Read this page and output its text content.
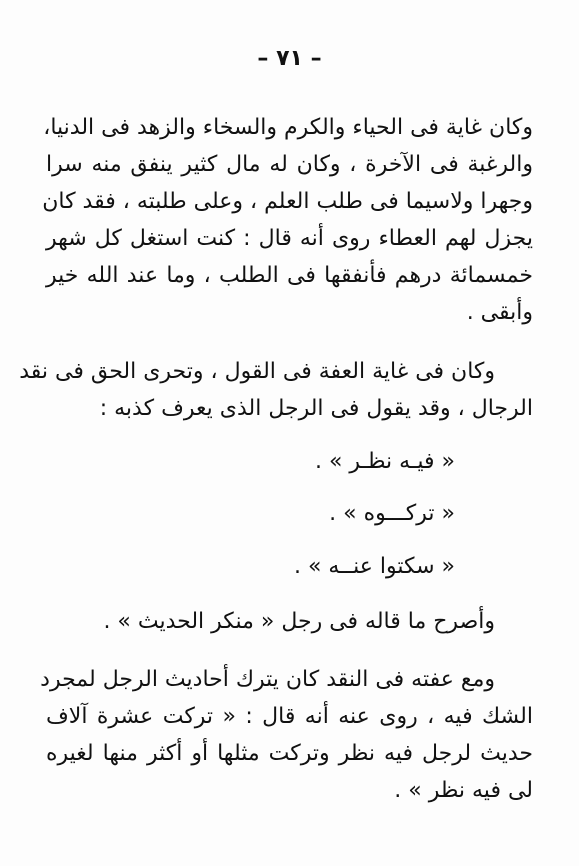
– ٧١ –
وكان غاية فى الحياء والكرم والسخاء والزهد فى الدنيا،
والرغبة فى الآخرة ، وكان له مال كثير ينفق منه سرا
وجهرا ولاسيما فى طلب العلم ، وعلى طلبته ، فقد كان
يجزل لهم العطاء روى أنه قال : كنت استغل كل شهر
خمسمائة درهم فأنفقها فى الطلب ، وما عند الله خير
وأبقى .
وكان فى غاية العفة فى القول ، وتحرى الحق فى نقد
الرجال ، وقد يقول فى الرجل الذى يعرف كذبه :
« فيـه نظـر » .
« تركـــوه » .
« سكتوا عنــه » .
وأصرح ما قاله فى رجل « منكر الحديث » .
ومع عفته فى النقد كان يترك أحاديث الرجل لمجرد
الشك فيه ، روى عنه أنه قال : « تركت عشرة آلاف
حديث لرجل فيه نظر وتركت مثلها أو أكثر منها لغيره
لى فيه نظر » .
